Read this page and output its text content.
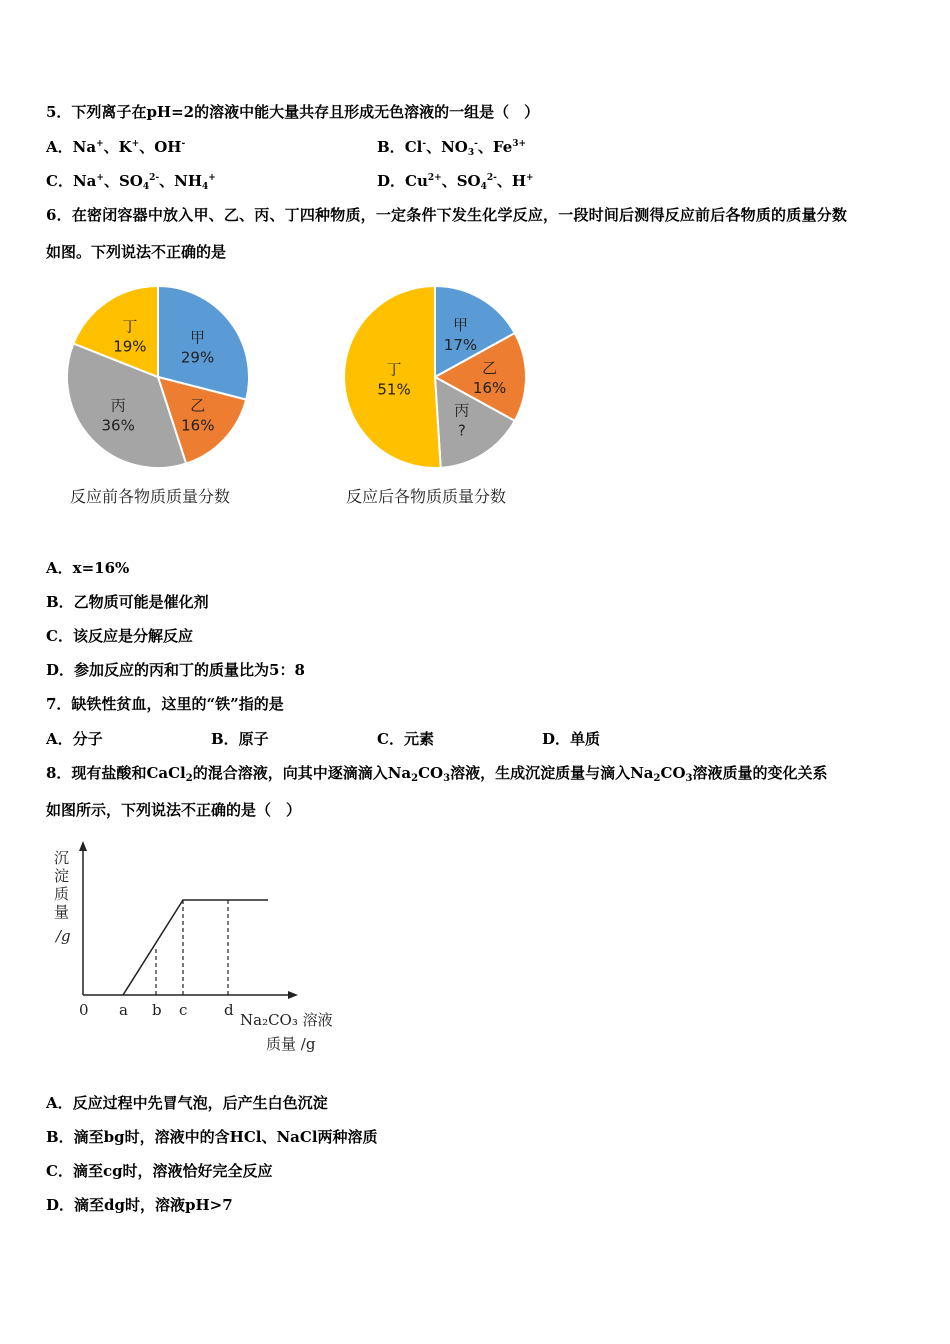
5．下列离子在pH=2的溶液中能大量共存且形成无色溶液的一组是（　）
A．Na+、K+、OH-	B．Cl-、$NO_3^-$、$Fe^{3+}$
C．Na+、$SO_4^{2-}$、$NH_4^+$	D．$Cu^{2+}$、$SO_4^{2-}$、H+
6．在密闭容器中放入甲、乙、丙、丁四种物质，一定条件下发生化学反应，一段时间后测得反应前后各物质的质量分数
如图。下列说法不正确的是
甲
29%
乙
16%
丙
36%
丁
19%
甲
17%
乙
16%
丙
?
丁
51%
反应前各物质质量分数	反应后各物质质量分数
A．x=16%
B．乙物质可能是催化剂
C．该反应是分解反应
D．参加反应的丙和丁的质量比为5：8
7．缺铁性贫血，这里的“铁”指的是
A．分子	B．原子	C．元素	D．单质
8．现有盐酸和CaCl$_2$的混合溶液，向其中逐滴滴入$Na_2CO_3$溶液，生成沉淀质量与滴入$Na_2CO_3$溶液质量的变化关系
如图所示，下列说法不正确的是（　）
沉
淀
质
量
/g
0 a b c d
Na₂CO₃ 溶液
质量 /g
A．反应过程中先冒气泡，后产生白色沉淀
B．滴至bg时，溶液中的含HCl、NaCl两种溶质
C．滴至cg时，溶液恰好完全反应
D．滴至dg时，溶液pH>7
